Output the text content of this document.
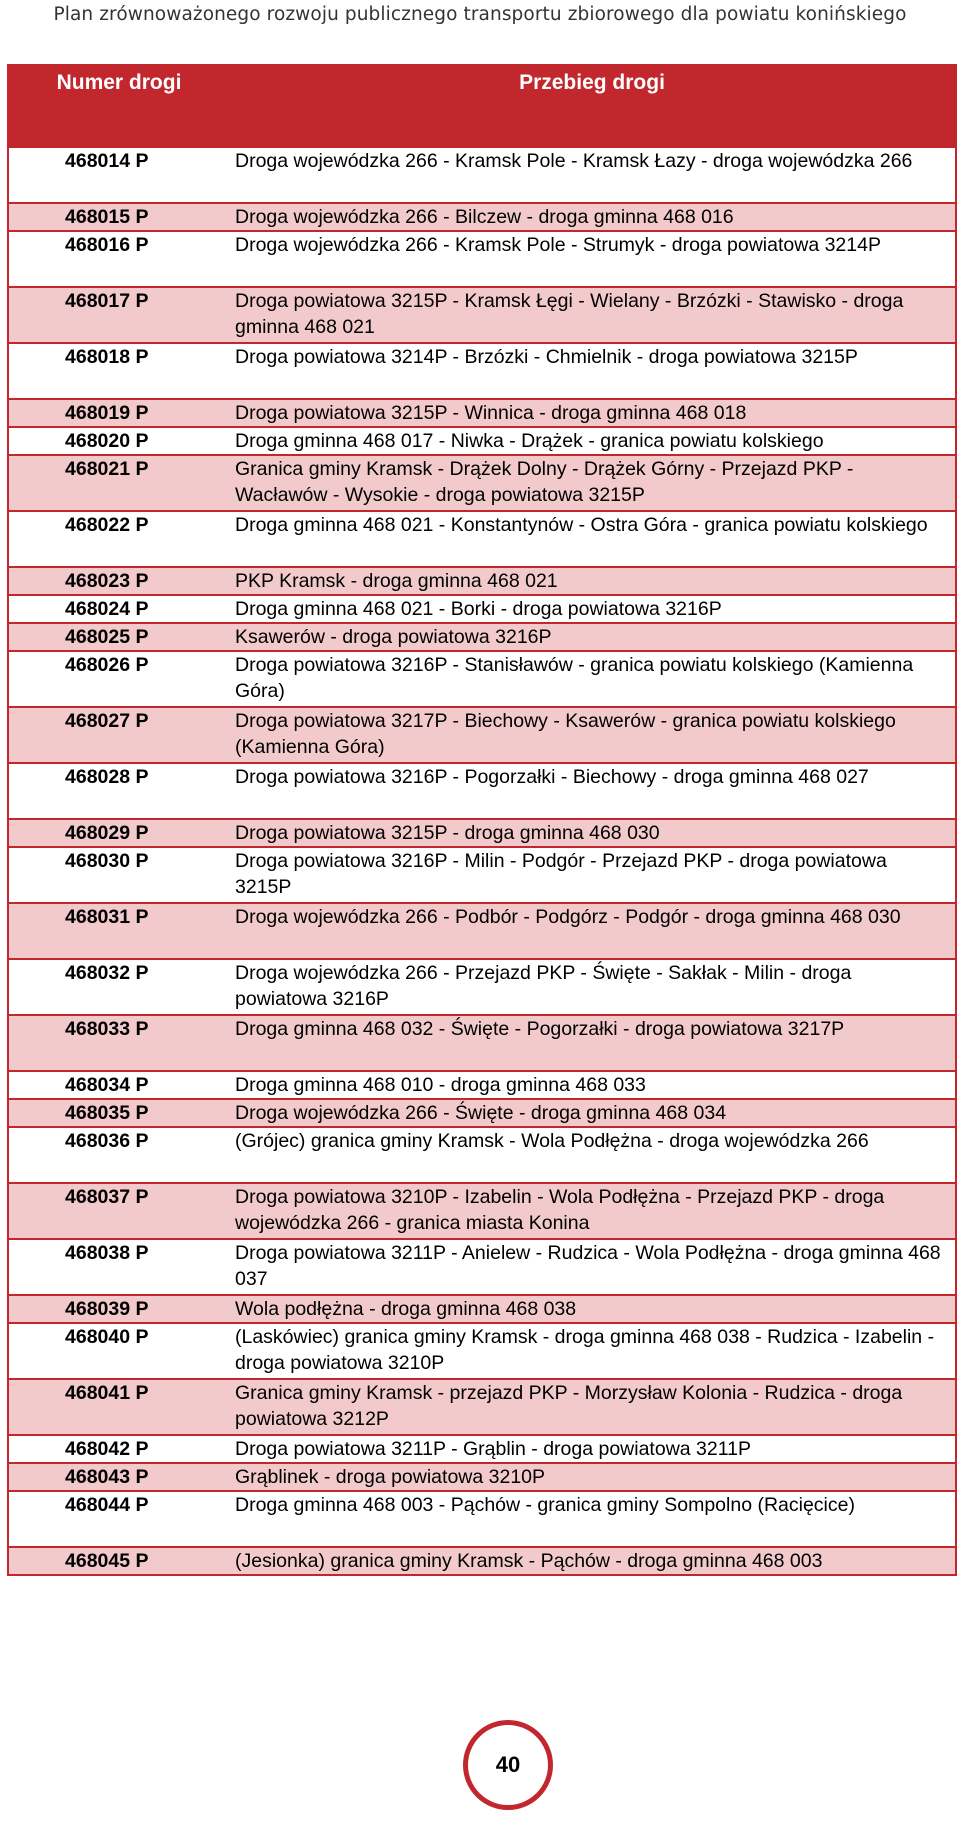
Plan zrównoważonego rozwoju publicznego transportu zbiorowego dla powiatu konińskiego
Numer drogi	Przebieg drogi
468014 P	Droga wojewódzka 266 - Kramsk Pole - Kramsk Łazy - droga wojewódzka 266
468015 P	Droga wojewódzka 266 - Bilczew - droga gminna 468 016
468016 P	Droga wojewódzka 266 - Kramsk Pole - Strumyk - droga powiatowa 3214P
468017 P	Droga powiatowa 3215P - Kramsk Łęgi - Wielany - Brzózki - Stawisko - droga gminna 468 021
468018 P	Droga powiatowa 3214P - Brzózki - Chmielnik - droga powiatowa 3215P
468019 P	Droga powiatowa 3215P - Winnica - droga gminna 468 018
468020 P	Droga gminna 468 017 - Niwka - Drążek - granica powiatu kolskiego
468021 P	Granica gminy Kramsk - Drążek Dolny - Drążek Górny - Przejazd PKP - Wacławów - Wysokie - droga powiatowa 3215P
468022 P	Droga gminna 468 021 - Konstantynów - Ostra Góra - granica powiatu kolskiego
468023 P	PKP Kramsk - droga gminna 468 021
468024 P	Droga gminna 468 021 - Borki - droga powiatowa 3216P
468025 P	Ksawerów - droga powiatowa 3216P
468026 P	Droga powiatowa 3216P - Stanisławów - granica powiatu kolskiego (Kamienna Góra)
468027 P	Droga powiatowa 3217P - Biechowy - Ksawerów - granica powiatu kolskiego (Kamienna Góra)
468028 P	Droga powiatowa 3216P - Pogorzałki - Biechowy - droga gminna 468 027
468029 P	Droga powiatowa 3215P - droga gminna 468 030
468030 P	Droga powiatowa 3216P - Milin - Podgór - Przejazd PKP - droga powiatowa 3215P
468031 P	Droga wojewódzka 266 - Podbór - Podgórz - Podgór - droga gminna 468 030
468032 P	Droga wojewódzka 266 - Przejazd PKP - Święte - Sakłak - Milin - droga powiatowa 3216P
468033 P	Droga gminna 468 032 - Święte - Pogorzałki - droga powiatowa 3217P
468034 P	Droga gminna 468 010 - droga gminna 468 033
468035 P	Droga wojewódzka 266 - Święte - droga gminna 468 034
468036 P	(Grójec) granica gminy Kramsk - Wola Podłężna - droga wojewódzka 266
468037 P	Droga powiatowa 3210P - Izabelin - Wola Podłężna - Przejazd PKP - droga wojewódzka 266 - granica miasta Konina
468038 P	Droga powiatowa 3211P - Anielew - Rudzica - Wola Podłężna - droga gminna 468 037
468039 P	Wola podłężna - droga gminna 468 038
468040 P	(Laskówiec) granica gminy Kramsk - droga gminna 468 038 - Rudzica - Izabelin - droga powiatowa 3210P
468041 P	Granica gminy Kramsk - przejazd PKP - Morzysław Kolonia - Rudzica - droga powiatowa 3212P
468042 P	Droga powiatowa 3211P - Grąblin - droga powiatowa 3211P
468043 P	Grąblinek - droga powiatowa 3210P
468044 P	Droga gminna 468 003 - Pąchów - granica gminy Sompolno (Racięcice)
468045 P	(Jesionka) granica gminy Kramsk - Pąchów - droga gminna 468 003
40
